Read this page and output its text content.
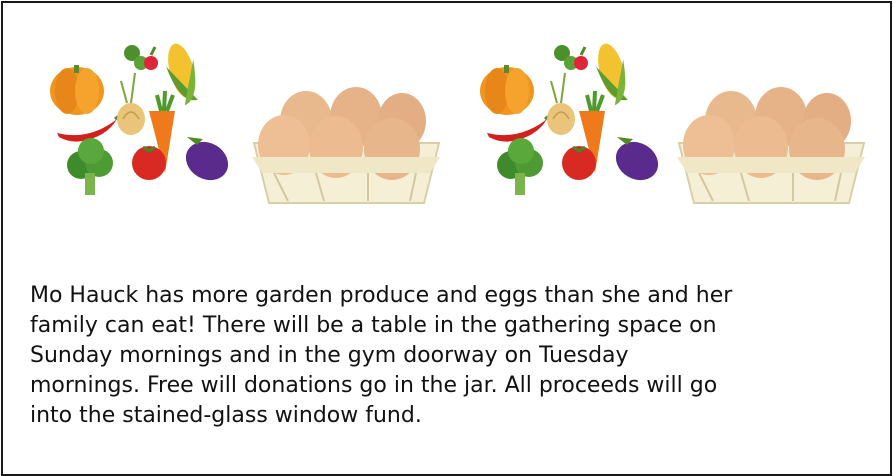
Mo Hauck has more garden produce and eggs than she and her
family can eat! There will be a table in the gathering space on
Sunday mornings and in the gym doorway on Tuesday
mornings. Free will donations go in the jar. All proceeds will go
into the stained-glass window fund.
